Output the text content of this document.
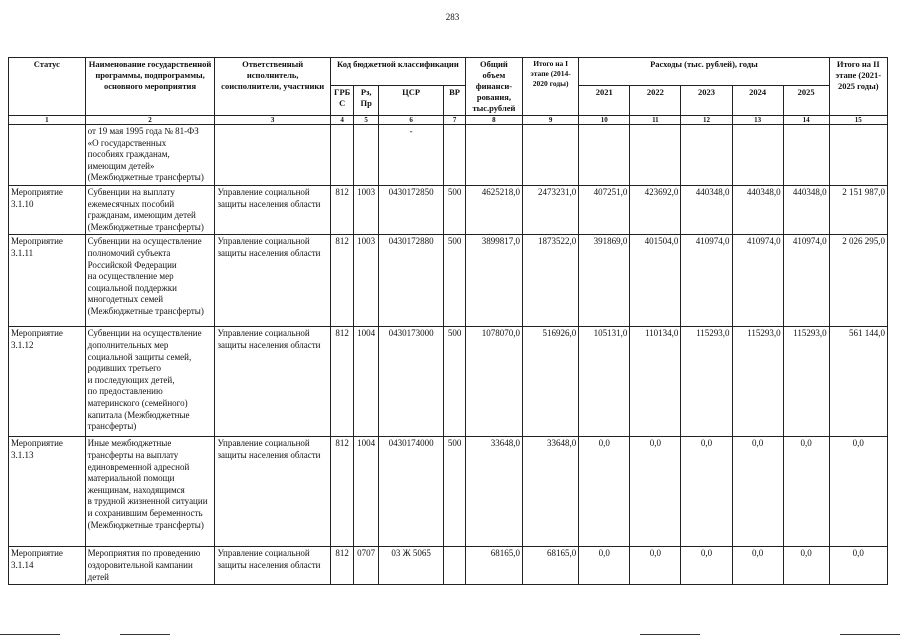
283
Статус	Наименование государственной программы, подпрограммы, основного мероприятия	Ответственный исполнитель, соисполнители, участники	Код бюджетной классификации				Общий объем финанси-рования, тыс.рублей	Итого на I этапе (2014-2020 годы)	Расходы (тыс. рублей), годы					Итого на II этапе (2021-2025 годы)
			ГРБ С	Рз, Пр	ЦСР	ВР			2021	2022	2023	2024	2025	
1	2	3	4	5	6	7	8	9	10	11	12	13	14	15
	от 19 мая 1995 года № 81-ФЗ
«О государственных
пособиях гражданам,
имеющим детей»
(Межбюджетные трансферты)				-									
Мероприятие 3.1.10	Субвенции на выплату ежемесячных пособий гражданам, имеющим детей (Межбюджетные трансферты)	Управление социальной защиты населения области	812	1003	0430172850	500	4625218,0	2473231,0	407251,0	423692,0	440348,0	440348,0	440348,0	2 151 987,0
Мероприятие 3.1.11	Субвенции на осуществление полномочий субъекта Российской Федерации
на осуществление мер социальной поддержки многодетных семей (Межбюджетные трансферты)	Управление социальной защиты населения области	812	1003	0430172880	500	3899817,0	1873522,0	391869,0	401504,0	410974,0	410974,0	410974,0	2 026 295,0
Мероприятие 3.1.12	Субвенции на осуществление дополнительных мер социальной защиты семей, родивших третьего
и последующих детей,
по предоставлению материнского (семейного) капитала (Межбюджетные трансферты)	Управление социальной защиты населения области	812	1004	0430173000	500	1078070,0	516926,0	105131,0	110134,0	115293,0	115293,0	115293,0	561 144,0
Мероприятие 3.1.13	Иные межбюджетные трансферты на выплату единовременной адресной материальной помощи женщинам, находящимся
в трудной жизненной ситуации и сохранившим беременность (Межбюджетные трансферты)	Управление социальной защиты населения области	812	1004	0430174000	500	33648,0	33648,0	0,0	0,0	0,0	0,0	0,0	0,0
Мероприятие 3.1.14	Мероприятия по проведению оздоровительной кампании детей	Управление социальной защиты населения области	812	0707	03 Ж 5065		68165,0	68165,0	0,0	0,0	0,0	0,0	0,0	0,0
